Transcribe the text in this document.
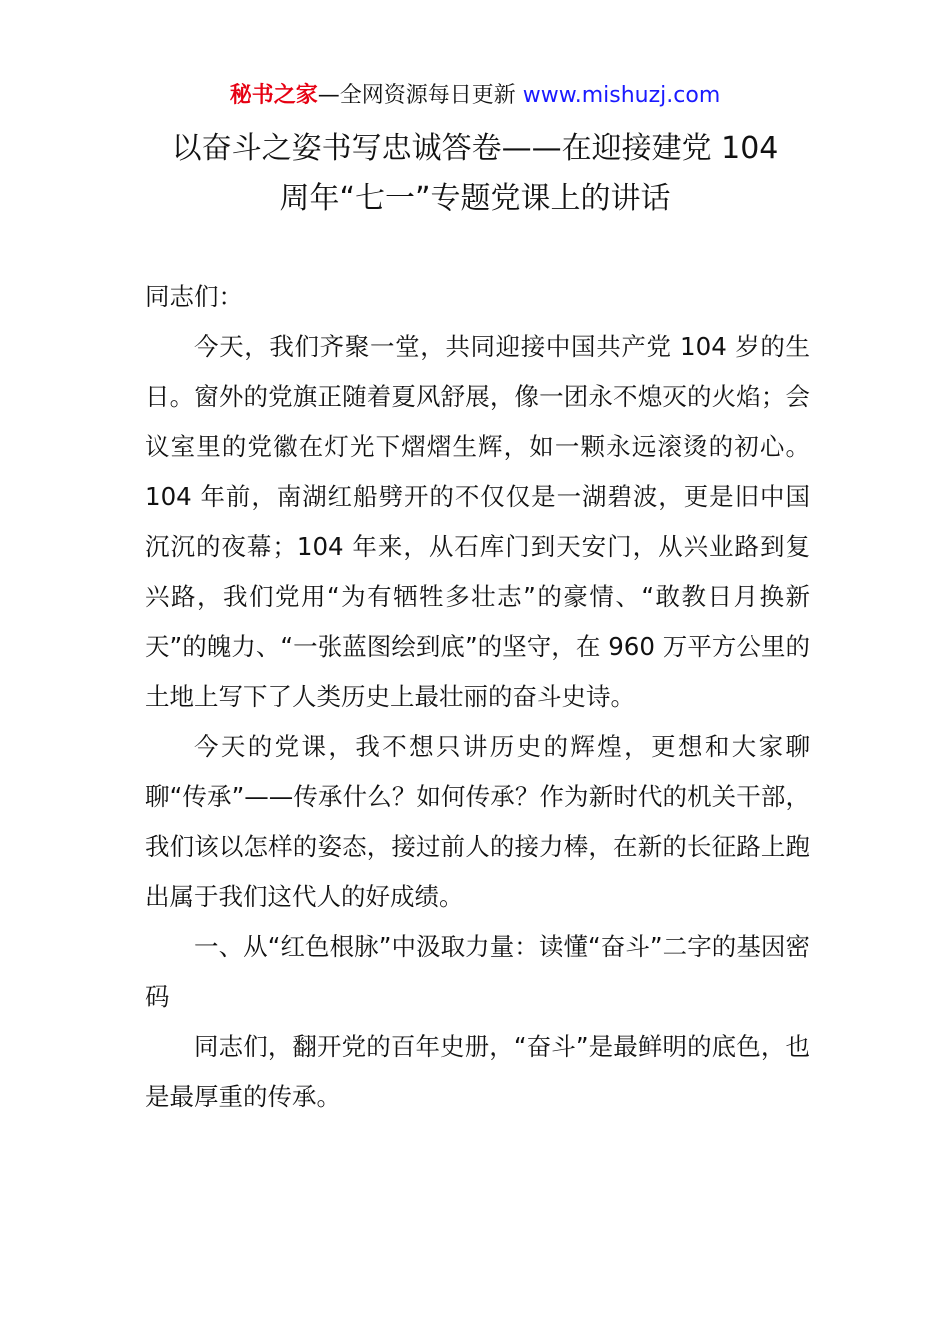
秘书之家—全网资源每日更新 www.mishuzj.com
以奋斗之姿书写忠诚答卷——在迎接建党 104
周年“七一”专题党课上的讲话

同志们：

今天，我们齐聚一堂，共同迎接中国共产党 104 岁的生日。窗外的党旗正随着夏风舒展，像一团永不熄灭的火焰；会议室里的党徽在灯光下熠熠生辉，如一颗永远滚烫的初心。104 年前，南湖红船劈开的不仅仅是一湖碧波，更是旧中国沉沉的夜幕；104 年来，从石库门到天安门，从兴业路到复兴路，我们党用“为有牺牲多壮志”的豪情、“敢教日月换新天”的魄力、“一张蓝图绘到底”的坚守，在 960 万平方公里的土地上写下了人类历史上最壮丽的奋斗史诗。

今天的党课，我不想只讲历史的辉煌，更想和大家聊聊“传承”——传承什么？如何传承？作为新时代的机关干部，我们该以怎样的姿态，接过前人的接力棒，在新的长征路上跑出属于我们这代人的好成绩。

一、从“红色根脉”中汲取力量：读懂“奋斗”二字的基因密码

同志们，翻开党的百年史册，“奋斗”是最鲜明的底色，也是最厚重的传承。
